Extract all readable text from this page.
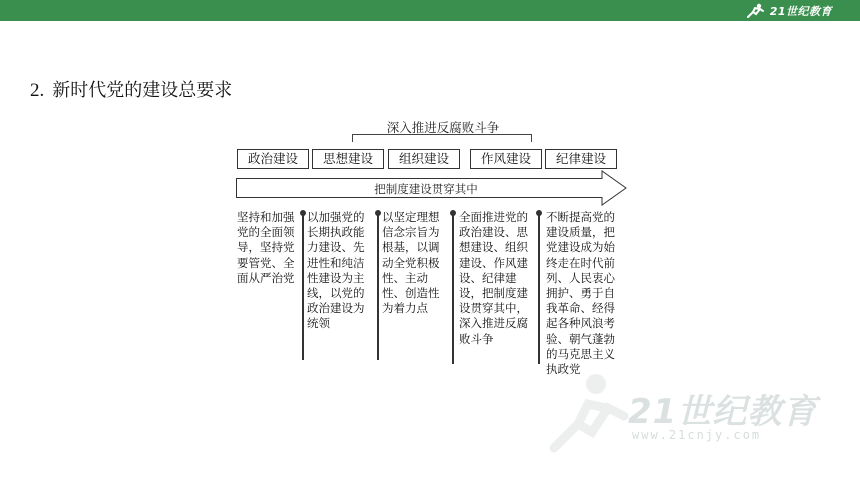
21世纪教育
2. 新时代党的建设总要求
深入推进反腐败斗争
政治建设	思想建设	组织建设	作风建设	纪律建设
把制度建设贯穿其中
坚持和加强党的全面领导，坚持党要管党、全面从严治党
以加强党的长期执政能力建设、先进性和纯洁性建设为主线，以党的政治建设为统领
以坚定理想信念宗旨为根基，以调动全党积极性、主动性、创造性为着力点
全面推进党的政治建设、思想建设、组织建设、作风建设、纪律建设，把制度建设贯穿其中，深入推进反腐败斗争
不断提高党的建设质量，把党建设成为始终走在时代前列、人民衷心拥护、勇于自我革命、经得起各种风浪考验、朝气蓬勃的马克思主义执政党
21世纪教育
www.21cnjy.com
